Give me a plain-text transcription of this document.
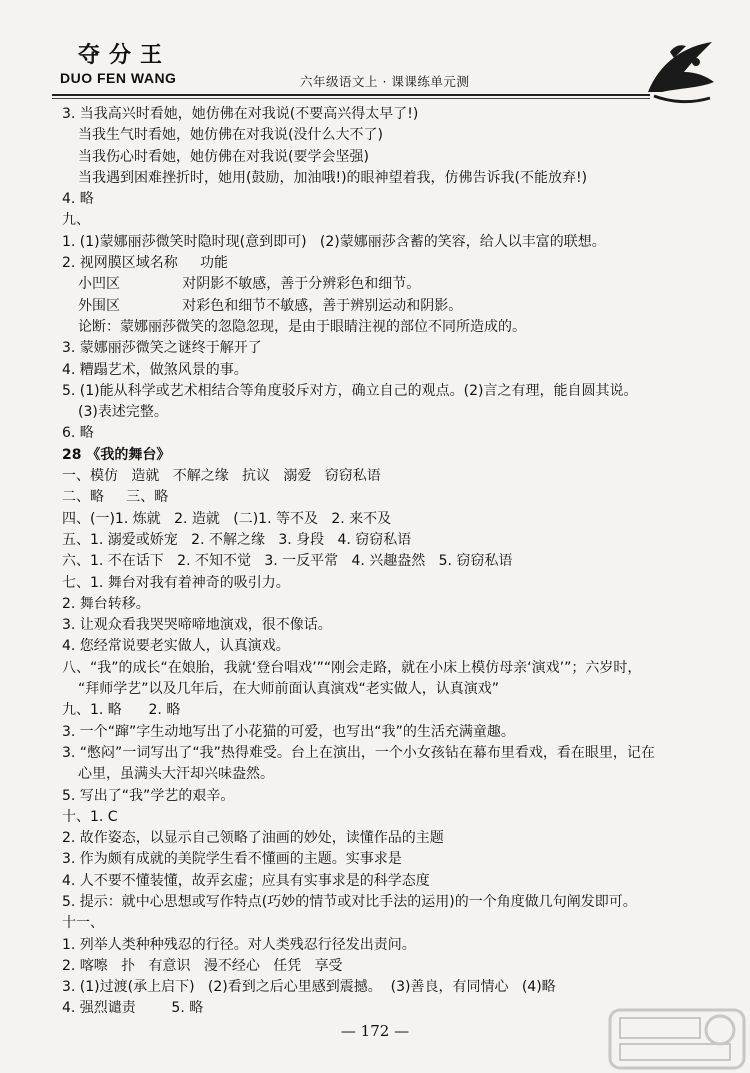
夺分王
DUO FEN WANG	六年级语文上 · 课课练单元测
3. 当我高兴时看她，她仿佛在对我说(不要高兴得太早了!)
当我生气时看她，她仿佛在对我说(没什么大不了)
当我伤心时看她，她仿佛在对我说(要学会坚强)
当我遇到困难挫折时，她用(鼓励，加油哦!)的眼神望着我，仿佛告诉我(不能放弃!)
4. 略
九、
1. (1)蒙娜丽莎微笑时隐时现(意到即可)   (2)蒙娜丽莎含蓄的笑容，给人以丰富的联想。
2. 视网膜区域名称     功能
小凹区              对阴影不敏感，善于分辨彩色和细节。
外围区              对彩色和细节不敏感，善于辨别运动和阴影。
论断：蒙娜丽莎微笑的忽隐忽现，是由于眼睛注视的部位不同所造成的。
3. 蒙娜丽莎微笑之谜终于解开了
4. 糟蹋艺术，做煞风景的事。
5. (1)能从科学或艺术相结合等角度驳斥对方，确立自己的观点。(2)言之有理，能自圆其说。
(3)表述完整。
6. 略
28 《我的舞台》
一、模仿   造就   不解之缘   抗议   溺爱   窃窃私语
二、略     三、略
四、(一)1. 炼就   2. 造就   (二)1. 等不及   2. 来不及
五、1. 溺爱或娇宠   2. 不解之缘   3. 身段   4. 窃窃私语
六、1. 不在话下   2. 不知不觉   3. 一反平常   4. 兴趣盎然   5. 窃窃私语
七、1. 舞台对我有着神奇的吸引力。
2. 舞台转移。
3. 让观众看我哭哭啼啼地演戏，很不像话。
4. 您经常说要老实做人，认真演戏。
八、“我”的成长“在娘胎，我就‘登台唱戏’”“刚会走路，就在小床上模仿母亲‘演戏’”；六岁时，
“拜师学艺”以及几年后，在大师前面认真演戏“老实做人，认真演戏”
九、1. 略      2. 略
3. 一个“蹿”字生动地写出了小花猫的可爱，也写出“我”的生活充满童趣。
3. “憋闷”一词写出了“我”热得难受。台上在演出，一个小女孩钻在幕布里看戏，看在眼里，记在
心里，虽满头大汗却兴味盎然。
5. 写出了“我”学艺的艰辛。
十、1. C
2. 故作姿态，以显示自己领略了油画的妙处，读懂作品的主题
3. 作为颇有成就的美院学生看不懂画的主题。实事求是
4. 人不要不懂装懂，故弄玄虚；应具有实事求是的科学态度
5. 提示：就中心思想或写作特点(巧妙的情节或对比手法的运用)的一个角度做几句阐发即可。
十一、
1. 列举人类种种残忍的行径。对人类残忍行径发出责问。
2. 喀嚓   扑   有意识   漫不经心   任凭   享受
3. (1)过渡(承上启下)   (2)看到之后心里感到震撼。  (3)善良，有同情心   (4)略
4. 强烈谴责        5. 略
— 172 —
